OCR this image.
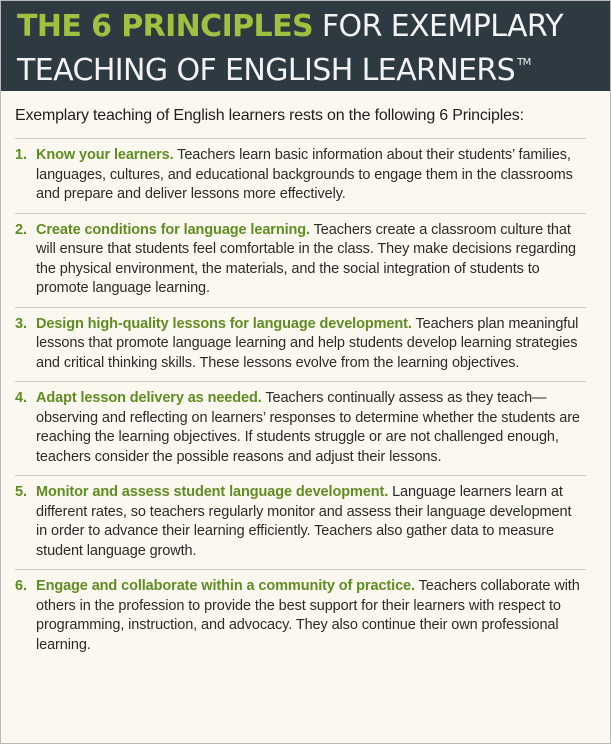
THE 6 PRINCIPLES FOR EXEMPLARY
TEACHING OF ENGLISH LEARNERS ™

Exemplary teaching of English learners rests on the following 6 Principles:

1. Know your learners. Teachers learn basic information about their students’ families, languages, cultures, and educational backgrounds to engage them in the classrooms and prepare and deliver lessons more effectively.

2. Create conditions for language learning. Teachers create a classroom culture that will ensure that students feel comfortable in the class. They make decisions regarding the physical environment, the materials, and the social integration of students to promote language learning.

3. Design high-quality lessons for language development. Teachers plan meaningful lessons that promote language learning and help students develop learning strategies and critical thinking skills. These lessons evolve from the learning objectives.

4. Adapt lesson delivery as needed. Teachers continually assess as they teach—observing and reflecting on learners’ responses to determine whether the students are reaching the learning objectives. If students struggle or are not challenged enough, teachers consider the possible reasons and adjust their lessons.

5. Monitor and assess student language development. Language learners learn at different rates, so teachers regularly monitor and assess their language development in order to advance their learning efficiently. Teachers also gather data to measure student language growth.

6. Engage and collaborate within a community of practice. Teachers collaborate with others in the profession to provide the best support for their learners with respect to programming, instruction, and advocacy. They also continue their own professional learning.
